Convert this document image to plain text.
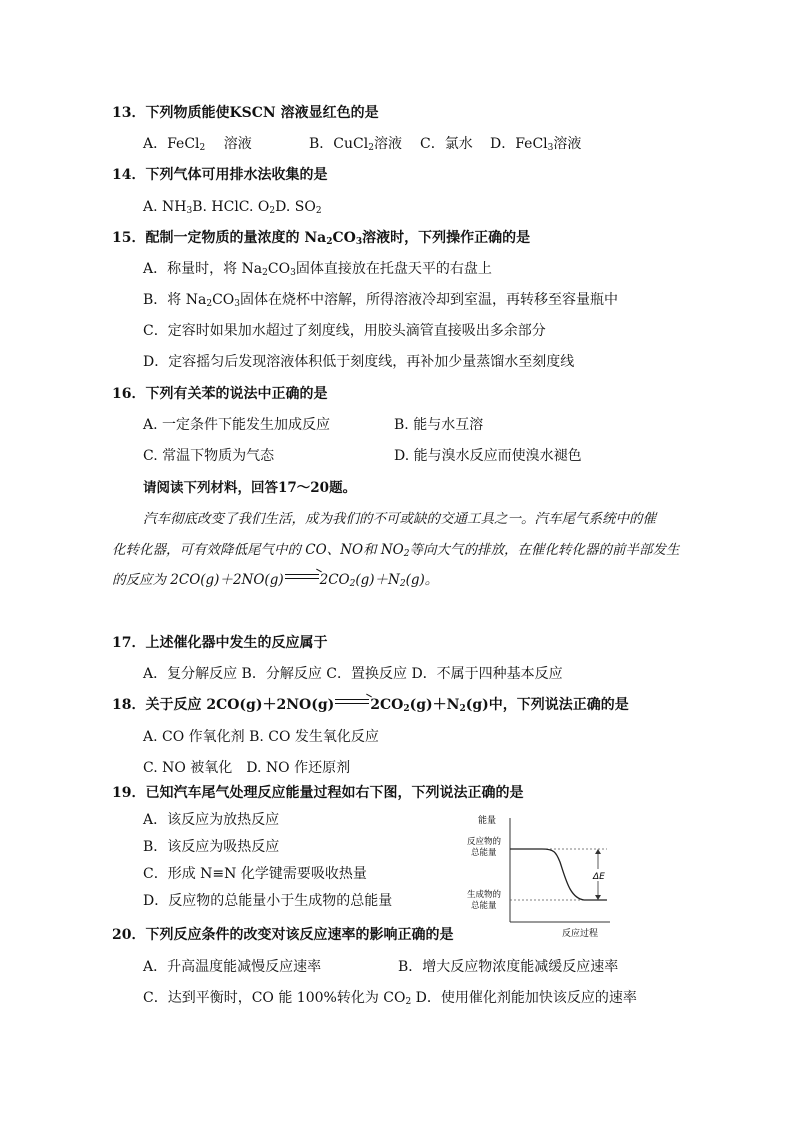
13．下列物质能使KSCN 溶液显红色的是
A．FeCl$_2$　 溶液	B．CuCl$_2$溶液 C．氯水 D．FeCl$_3$溶液
14．下列气体可用排水法收集的是
A. $NH_3B$. HClC. $O_2D$. $SO_2$
15．配制一定物质的量浓度的 $Na_2CO_3$溶液时，下列操作正确的是
A．称量时，将 $Na_2CO_3$固体直接放在托盘天平的右盘上
B．将 $Na_2CO_3$固体在烧杯中溶解，所得溶液冷却到室温，再转移至容量瓶中
C．定容时如果加水超过了刻度线，用胶头滴管直接吸出多余部分
D．定容摇匀后发现溶液体积低于刻度线，再补加少量蒸馏水至刻度线
16．下列有关苯的说法中正确的是
A. 一定条件下能发生加成反应	B. 能与水互溶
C. 常温下物质为气态	D. 能与溴水反应而使溴水褪色
请阅读下列材料，回答17～20题。
汽车彻底改变了我们生活，成为我们的不可或缺的交通工具之一。汽车尾气系统中的催
化转化器，可有效降低尾气中的 CO、NO和 $NO_2$等向大气的排放，在催化转化器的前半部发生
的反应为 $2CO(g)+2NO(g)\to 2CO_2(g)+N_2(g)$。
17．上述催化器中发生的反应属于
A．复分解反应 B．分解反应 C．置换反应 D．不属于四种基本反应
18．关于反应 $2CO(g)+2NO(g)\to 2CO_2(g)+N_2(g)$中，下列说法正确的是
A. CO 作氧化剂 B. CO 发生氧化反应
C. NO 被氧化　D. NO 作还原剂
19．已知汽车尾气处理反应能量过程如右下图，下列说法正确的是
A．该反应为放热反应
B．该反应为吸热反应
C．形成 N≡N 化学键需要吸收热量
D．反应物的总能量小于生成物的总能量
能量
反应物的
总能量
生成物的
总能量
ΔE
反应过程
20．下列反应条件的改变对该反应速率的影响正确的是
A．升高温度能减慢反应速率	B．增大反应物浓度能减缓反应速率
C．达到平衡时，CO 能 100%转化为 $CO_2$ D．使用催化剂能加快该反应的速率
